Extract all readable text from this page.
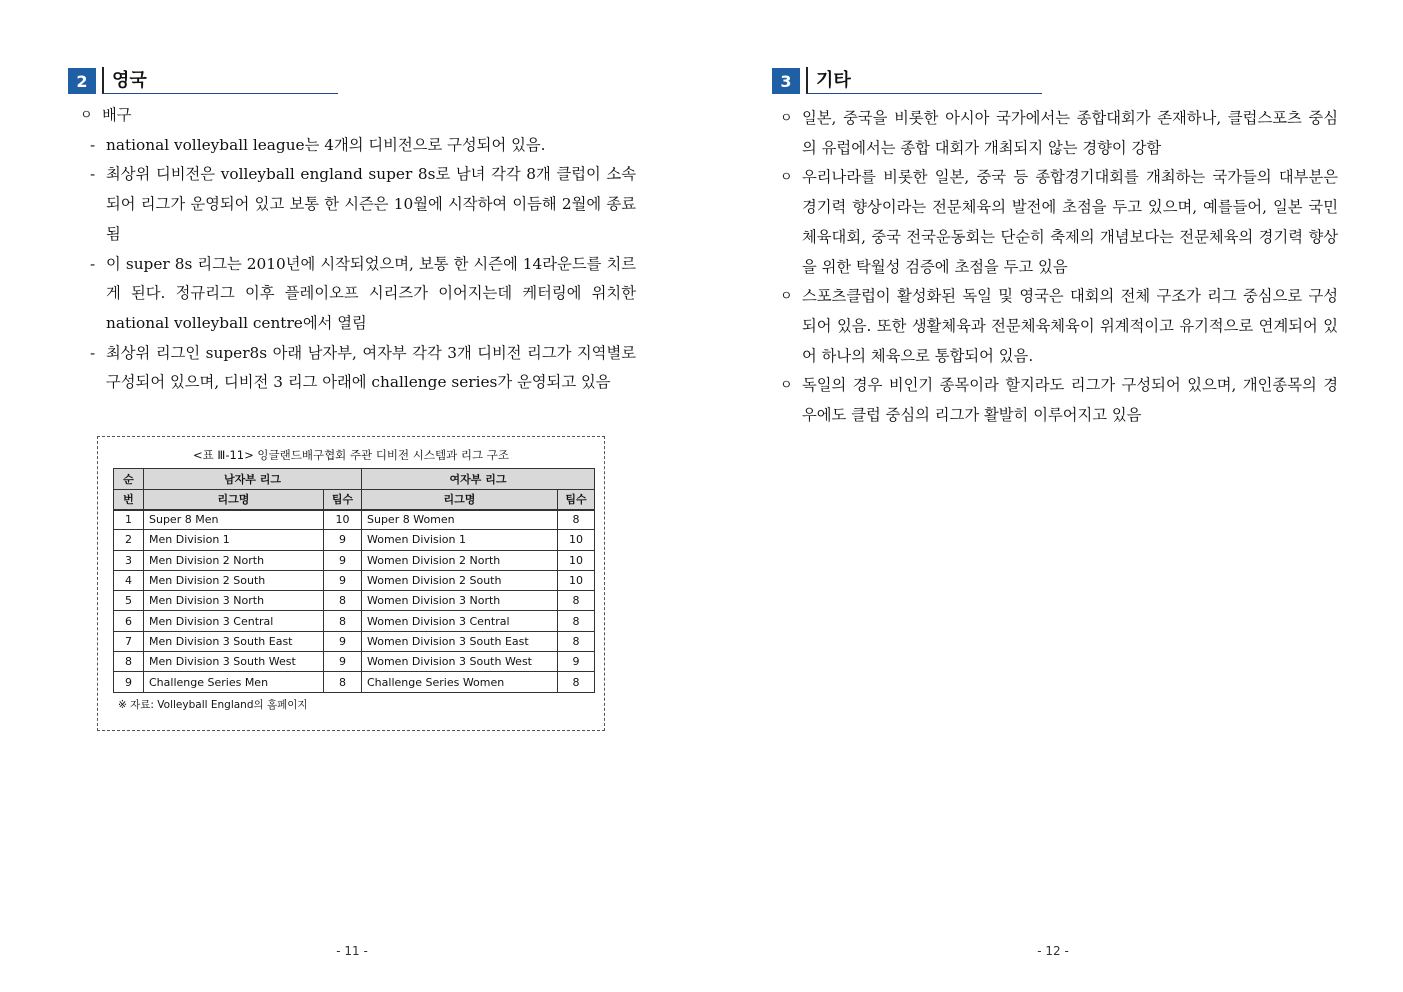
2	영국
ㅇ 배구
- national volleyball league는 4개의 디비전으로 구성되어 있음.
- 최상위 디비전은 volleyball england super 8s로 남녀 각각 8개 클럽이 소속되어 리그가 운영되어 있고 보통 한 시즌은 10월에 시작하여 이듬해 2월에 종료됨
- 이 super 8s 리그는 2010년에 시작되었으며, 보통 한 시즌에 14라운드를 치르게 된다. 정규리그 이후 플레이오프 시리즈가 이어지는데 케터링에 위치한 national volleyball centre에서 열림
- 최상위 리그인 super8s 아래 남자부, 여자부 각각 3개 디비전 리그가 지역별로 구성되어 있으며, 디비전 3 리그 아래에 challenge series가 운영되고 있음
<표 Ⅲ-11> 잉글랜드배구협회 주관 디비전 시스템과 리그 구조
순	남자부 리그		여자부 리그	
번	리그명	팀수	리그명	팀수
1	Super 8 Men	10	Super 8 Women	8
2	Men Division 1	9	Women Division 1	10
3	Men Division 2 North	9	Women Division 2 North	10
4	Men Division 2 South	9	Women Division 2 South	10
5	Men Division 3 North	8	Women Division 3 North	8
6	Men Division 3 Central	8	Women Division 3 Central	8
7	Men Division 3 South East	9	Women Division 3 South East	8
8	Men Division 3 South West	9	Women Division 3 South West	9
9	Challenge Series Men	8	Challenge Series Women	8
※ 자료: Volleyball England의 홈페이지
- 11 -
3	기타
ㅇ 일본, 중국을 비롯한 아시아 국가에서는 종합대회가 존재하나, 클럽스포츠 중심의 유럽에서는 종합 대회가 개최되지 않는 경향이 강함
ㅇ 우리나라를 비롯한 일본, 중국 등 종합경기대회를 개최하는 국가들의 대부분은 경기력 향상이라는 전문체육의 발전에 초점을 두고 있으며, 예를들어, 일본 국민체육대회, 중국 전국운동회는 단순히 축제의 개념보다는 전문체육의 경기력 향상을 위한 탁월성 검증에 초점을 두고 있음
ㅇ 스포츠클럽이 활성화된 독일 및 영국은 대회의 전체 구조가 리그 중심으로 구성되어 있음. 또한 생활체육과 전문체육체육이 위계적이고 유기적으로 연계되어 있어 하나의 체육으로 통합되어 있음.
ㅇ 독일의 경우 비인기 종목이라 할지라도 리그가 구성되어 있으며, 개인종목의 경우에도 클럽 중심의 리그가 활발히 이루어지고 있음
- 12 -
